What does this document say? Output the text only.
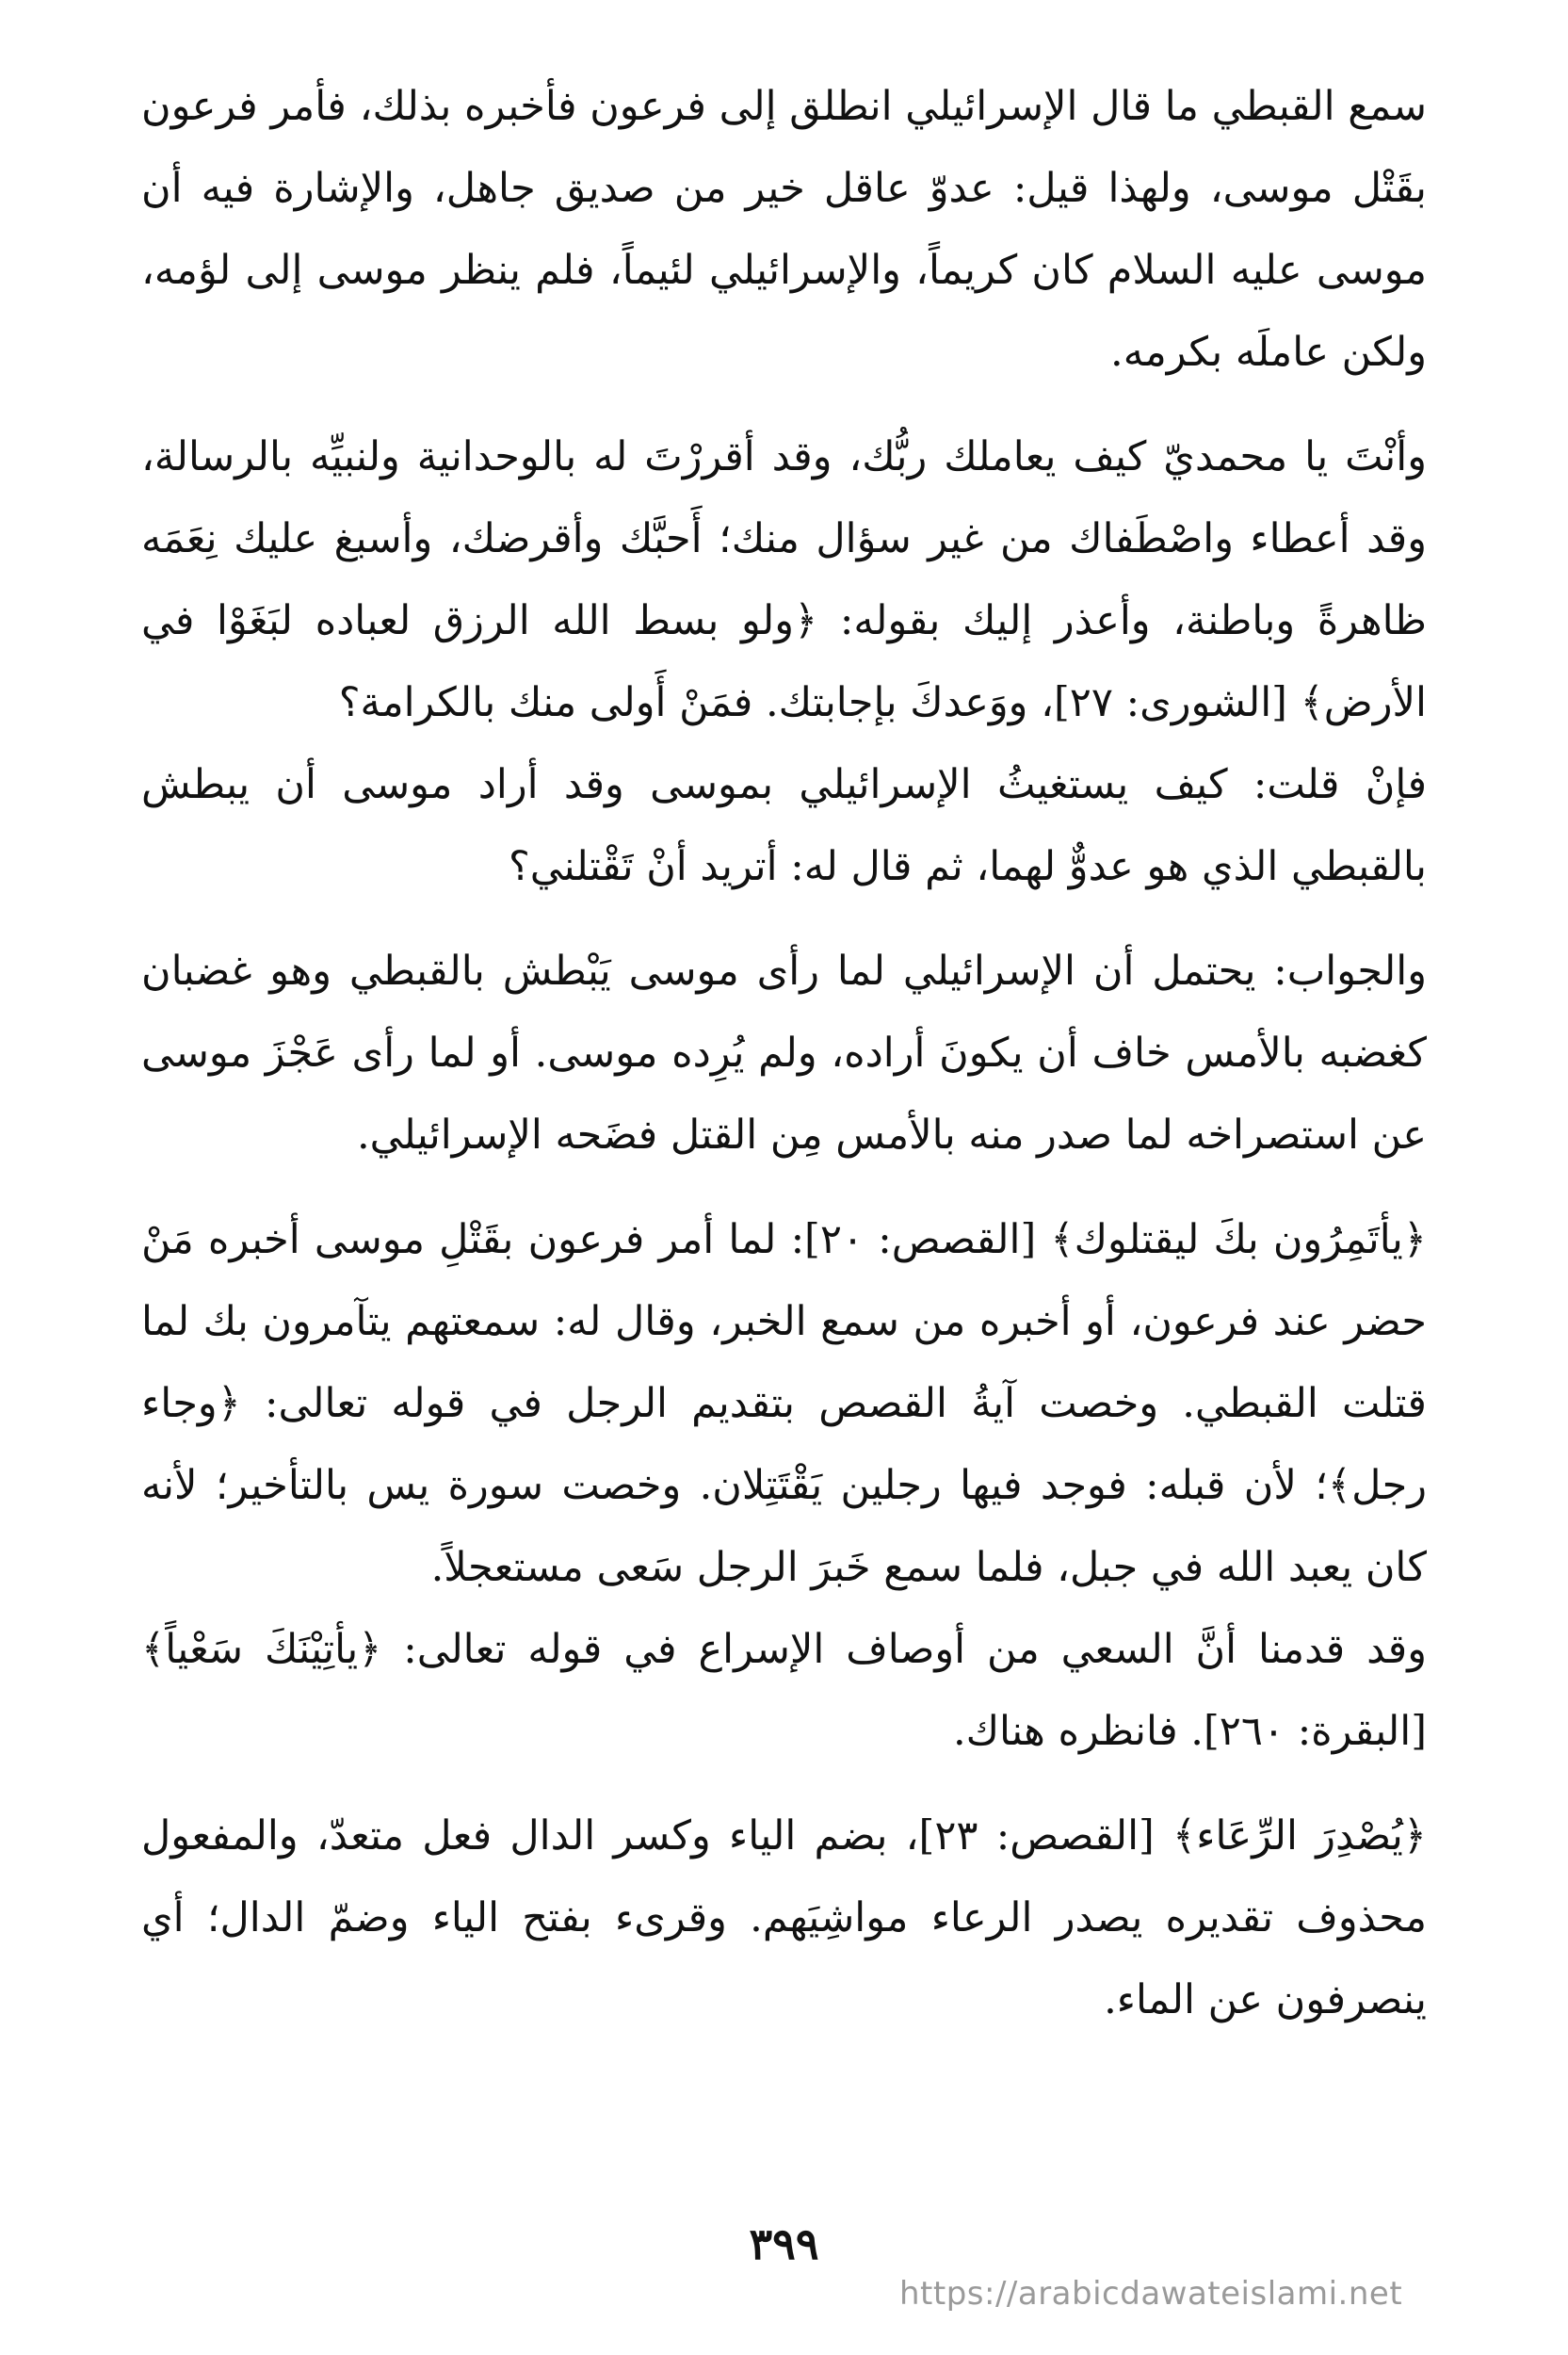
سمع القبطي ما قال الإسرائيلي انطلق إلى فرعون فأخبره بذلك، فأمر فرعون بقَتْل موسى، ولهذا قيل: عدوّ عاقل خير من صديق جاهل، والإشارة فيه أن موسى عليه السلام كان كريماً، والإسرائيلي لئيماً، فلم ينظر موسى إلى لؤمه، ولكن عاملَه بكرمه.

وأنْتَ يا محمديّ كيف يعاملك ربُّك، وقد أقررْتَ له بالوحدانية ولنبيِّه بالرسالة، وقد أعطاء واصْطَفاك من غير سؤال منك؛ أَحبَّك وأقرضك، وأسبغ عليك نِعَمَه ظاهرةً وباطنة، وأعذر إليك بقوله: ﴿ولو بسط الله الرزق لعباده لبَغَوْا في الأرض﴾ [الشورى: ٢٧]، ووَعدكَ بإجابتك. فمَنْ أَولى منك بالكرامة؟

فإنْ قلت: كيف يستغيثُ الإسرائيلي بموسى وقد أراد موسى أن يبطش بالقبطي الذي هو عدوٌّ لهما، ثم قال له: أتريد أنْ تَقْتلني؟

والجواب: يحتمل أن الإسرائيلي لما رأى موسى يَبْطش بالقبطي وهو غضبان كغضبه بالأمس خاف أن يكونَ أراده، ولم يُرِده موسى. أو لما رأى عَجْزَ موسى عن استصراخه لما صدر منه بالأمس مِن القتل فضَحه الإسرائيلي.

﴿يأتَمِرُون بكَ ليقتلوك﴾ [القصص: ٢٠]: لما أمر فرعون بقَتْلِ موسى أخبره مَنْ حضر عند فرعون، أو أخبره من سمع الخبر، وقال له: سمعتهم يتآمرون بك لما قتلت القبطي. وخصت آيةُ القصص بتقديم الرجل في قوله تعالى: ﴿وجاء رجل﴾؛ لأن قبله: فوجد فيها رجلين يَقْتَتِلان. وخصت سورة يس بالتأخير؛ لأنه كان يعبد الله في جبل، فلما سمع خَبرَ الرجل سَعى مستعجلاً.

وقد قدمنا أنَّ السعي من أوصاف الإسراع في قوله تعالى: ﴿يأتِيْنَكَ سَعْياً﴾ [البقرة: ٢٦٠]. فانظره هناك.

﴿يُصْدِرَ الرِّعَاء﴾ [القصص: ٢٣]، بضم الياء وكسر الدال فعل متعدّ، والمفعول محذوف تقديره يصدر الرعاء مواشِيَهم. وقرىء بفتح الياء وضمّ الدال؛ أي ينصرفون عن الماء.

٣٩٩
https://arabicdawateislami.net
